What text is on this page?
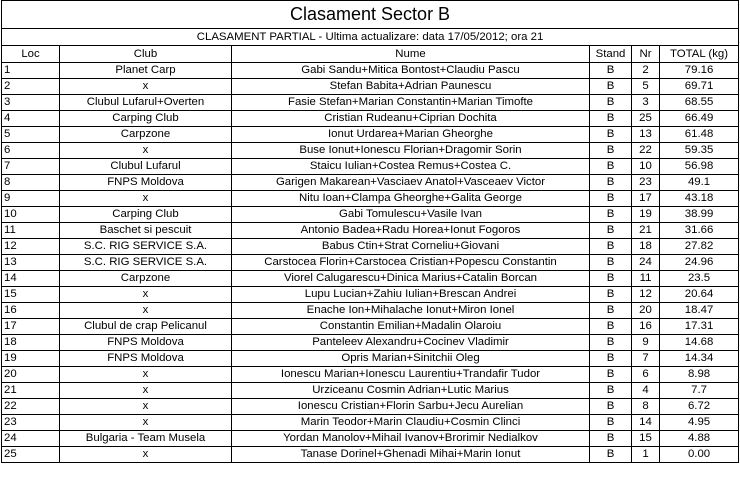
Clasament Sector B					
CLASAMENT PARTIAL - Ultima actualizare: data 17/05/2012; ora 21					
Loc	Club	Nume	Stand	Nr	TOTAL (kg)
1	Planet Carp	Gabi Sandu+Mitica Bontost+Claudiu Pascu	B	2	79.16
2	x	Stefan Babita+Adrian Paunescu	B	5	69.71
3	Clubul Lufarul+Overten	Fasie Stefan+Marian Constantin+Marian Timofte	B	3	68.55
4	Carping Club	Cristian Rudeanu+Ciprian Dochita	B	25	66.49
5	Carpzone	Ionut Urdarea+Marian Gheorghe	B	13	61.48
6	x	Buse Ionut+Ionescu Florian+Dragomir Sorin	B	22	59.35
7	Clubul Lufarul	Staicu Iulian+Costea Remus+Costea C.	B	10	56.98
8	FNPS Moldova	Garigen Makarean+Vasciaev Anatol+Vasceaev Victor	B	23	49.1
9	x	Nitu Ioan+Clampa Gheorghe+Galita George	B	17	43.18
10	Carping Club	Gabi Tomulescu+Vasile Ivan	B	19	38.99
11	Baschet si pescuit	Antonio Badea+Radu Horea+Ionut Fogoros	B	21	31.66
12	S.C. RIG SERVICE S.A.	Babus Ctin+Strat Corneliu+Giovani	B	18	27.82
13	S.C. RIG SERVICE S.A.	Carstocea Florin+Carstocea Cristian+Popescu Constantin	B	24	24.96
14	Carpzone	Viorel Calugarescu+Dinica Marius+Catalin Borcan	B	11	23.5
15	x	Lupu Lucian+Zahiu Iulian+Brescan Andrei	B	12	20.64
16	x	Enache Ion+Mihalache Ionut+Miron Ionel	B	20	18.47
17	Clubul de crap Pelicanul	Constantin Emilian+Madalin Olaroiu	B	16	17.31
18	FNPS Moldova	Panteleev Alexandru+Cocinev Vladimir	B	9	14.68
19	FNPS Moldova	Opris Marian+Sinitchii Oleg	B	7	14.34
20	x	Ionescu Marian+Ionescu Laurentiu+Trandafir Tudor	B	6	8.98
21	x	Urziceanu Cosmin Adrian+Lutic Marius	B	4	7.7
22	x	Ionescu Cristian+Florin Sarbu+Jecu Aurelian	B	8	6.72
23	x	Marin Teodor+Marin Claudiu+Cosmin Clinci	B	14	4.95
24	Bulgaria - Team Musela	Yordan Manolov+Mihail Ivanov+Brorimir Nedialkov	B	15	4.88
25	x	Tanase Dorinel+Ghenadi Mihai+Marin Ionut	B	1	0.00
